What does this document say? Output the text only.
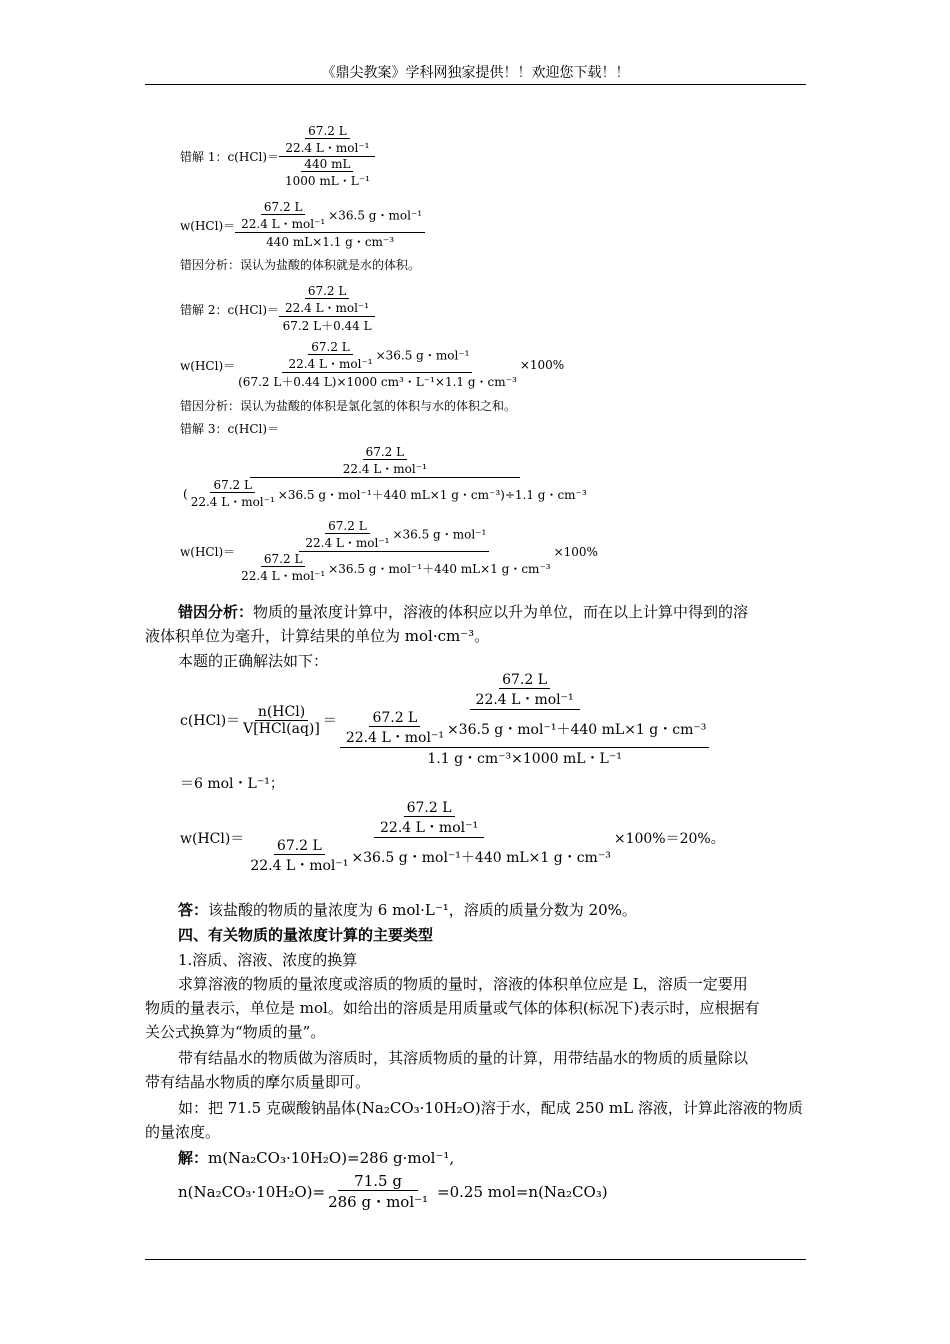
《鼎尖教案》学科网独家提供！！欢迎您下载！！
错解 1：$c(HCl)= \frac{\frac{67.2 L}{\text{22.4 L・mol⁻¹}}}{\frac{440 mL}{\text{1000 mL・L⁻¹}}}$
$w(HCl)= \frac{\frac{67.2 L}{\text{22.4 L・mol⁻¹}} \times 36.5 g・mol^{-1}}{\text{440 mL×1.1 g・cm⁻³}}$
错因分析：误认为盐酸的体积就是水的体积。
错解 2：$c(HCl)= \frac{\frac{67.2 L}{\text{22.4 L・mol⁻¹}}}{67.2 L+0.44 L}$
$w(HCl)= \frac{\frac{67.2 L}{\text{22.4 L・mol⁻¹}} \times 36.5 g・mol^{-1}}{\text{(67.2 L＋0.44 L)×1000 cm³・L⁻¹×1.1 g・cm⁻³}} \times 100\%$
错因分析：误认为盐酸的体积是氯化氢的体积与水的体积之和。
错解 3：c(HCl)＝
$\frac{67.2 L}{\text{22.4 L・mol⁻¹}}$
( $\frac{67.2 L}{\text{22.4 L・mol⁻¹}} \times 36.5$ g・mol⁻¹＋440 mL×1 g・cm⁻³)÷1.1 g・cm⁻³
$w(HCl)= \frac{\frac{67.2 L}{\text{22.4 L・mol⁻¹}} \times 36.5 g・mol^{-1}}{\frac{67.2 L}{\text{22.4 L・mol⁻¹}} \times 36.5 g・mol^{-1}+440 mL\times 1 g・cm^{-3}} \times 100\%$
错因分析：物质的量浓度计算中，溶液的体积应以升为单位，而在以上计算中得到的溶
液体积单位为毫升，计算结果的单位为 mol·cm⁻³。
本题的正确解法如下：
$c(HCl)= \frac{\text{n(HCl)}}{\text{V[HCl(aq)]}}$ ＝
$\frac{67.2 L}{\text{22.4 L・mol⁻¹}}$
$\frac{\frac{67.2 L}{\text{22.4 L・mol⁻¹}} \times 36.5 g・mol^{-1}+440 mL\times 1 g・cm^{-3}}{\text{1.1 g・cm⁻³×1000 mL・L⁻¹}}$
＝6 mol・L⁻¹；
$w(HCl)= \frac{\frac{67.2 L}{\text{22.4 L・mol⁻¹}}}{\frac{67.2 L}{\text{22.4 L・mol⁻¹}} \times 36.5 g・mol^{-1}+440 mL\times 1 g・cm^{-3}} \times 100\%=20\%$。
答：该盐酸的物质的量浓度为 6 mol·L⁻¹，溶质的质量分数为 20%。
四、有关物质的量浓度计算的主要类型
1.溶质、溶液、浓度的换算
求算溶液的物质的量浓度或溶质的物质的量时，溶液的体积单位应是 L，溶质一定要用
物质的量表示，单位是 mol。如给出的溶质是用质量或气体的体积(标况下)表示时，应根据有
关公式换算为“物质的量”。
带有结晶水的物质做为溶质时，其溶质物质的量的计算，用带结晶水的物质的质量除以
带有结晶水物质的摩尔质量即可。
如：把 71.5 克碳酸钠晶体(Na₂CO₃·10H₂O)溶于水，配成 250 mL 溶液，计算此溶液的物质
的量浓度。
解：m(Na₂CO₃·10H₂O)=286 g·mol⁻¹,
$n(Na_2CO_3\cdot 10H_2O)= \frac{71.5 g}{\text{286 g・mol⁻¹}} =0.25$ mol=n(Na₂CO₃)
